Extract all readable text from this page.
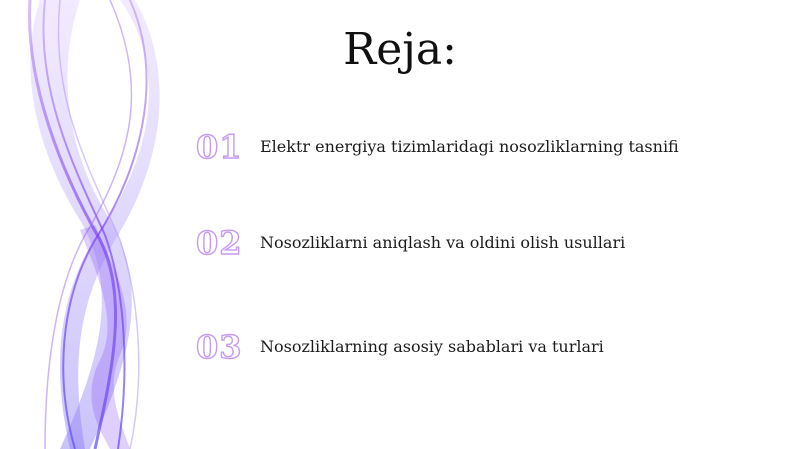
Reja:
01	Elektr energiya tizimlaridagi nosozliklarning tasnifi
02	Nosozliklarni aniqlash va oldini olish usullari
03	Nosozliklarning asosiy sabablari va turlari
